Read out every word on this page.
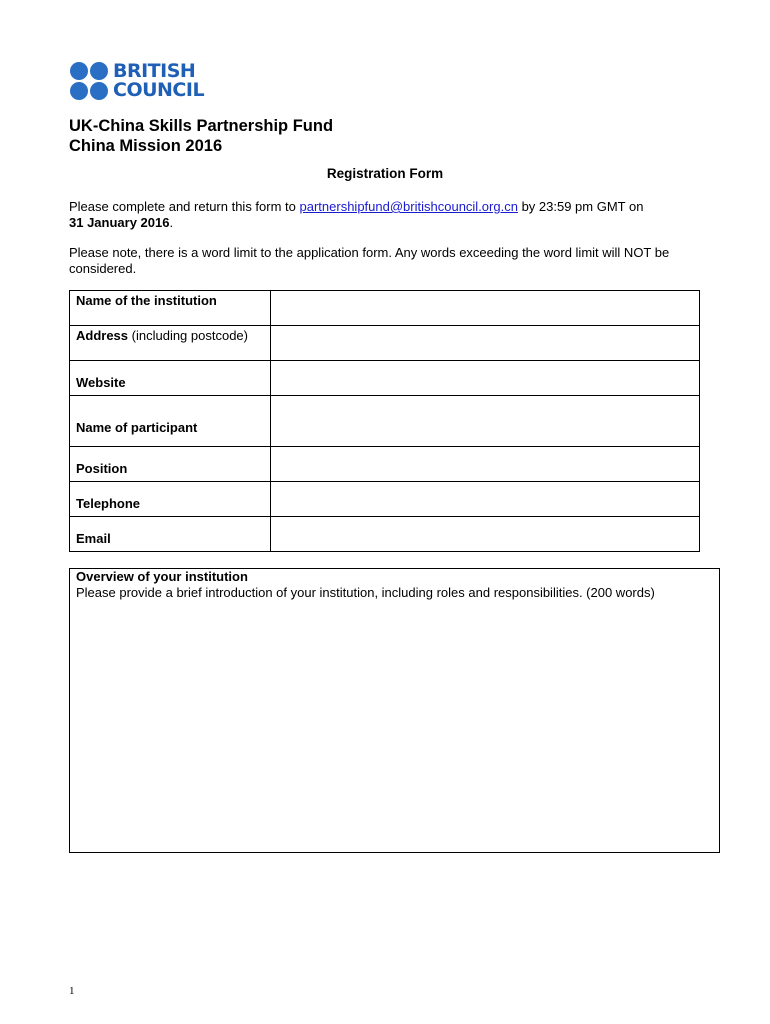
BRITISH
COUNCIL
UK-China Skills Partnership Fund
China Mission 2016
Registration Form
Please complete and return this form to partnershipfund@britishcouncil.org.cn by 23:59 pm GMT on
31 January 2016.
Please note, there is a word limit to the application form. Any words exceeding the word limit will NOT be considered.
Name of the institution	
Address (including postcode)	
Website	
Name of participant	
Position	
Telephone	
Email	
Overview of your institution
Please provide a brief introduction of your institution, including roles and responsibilities. (200 words)
1
